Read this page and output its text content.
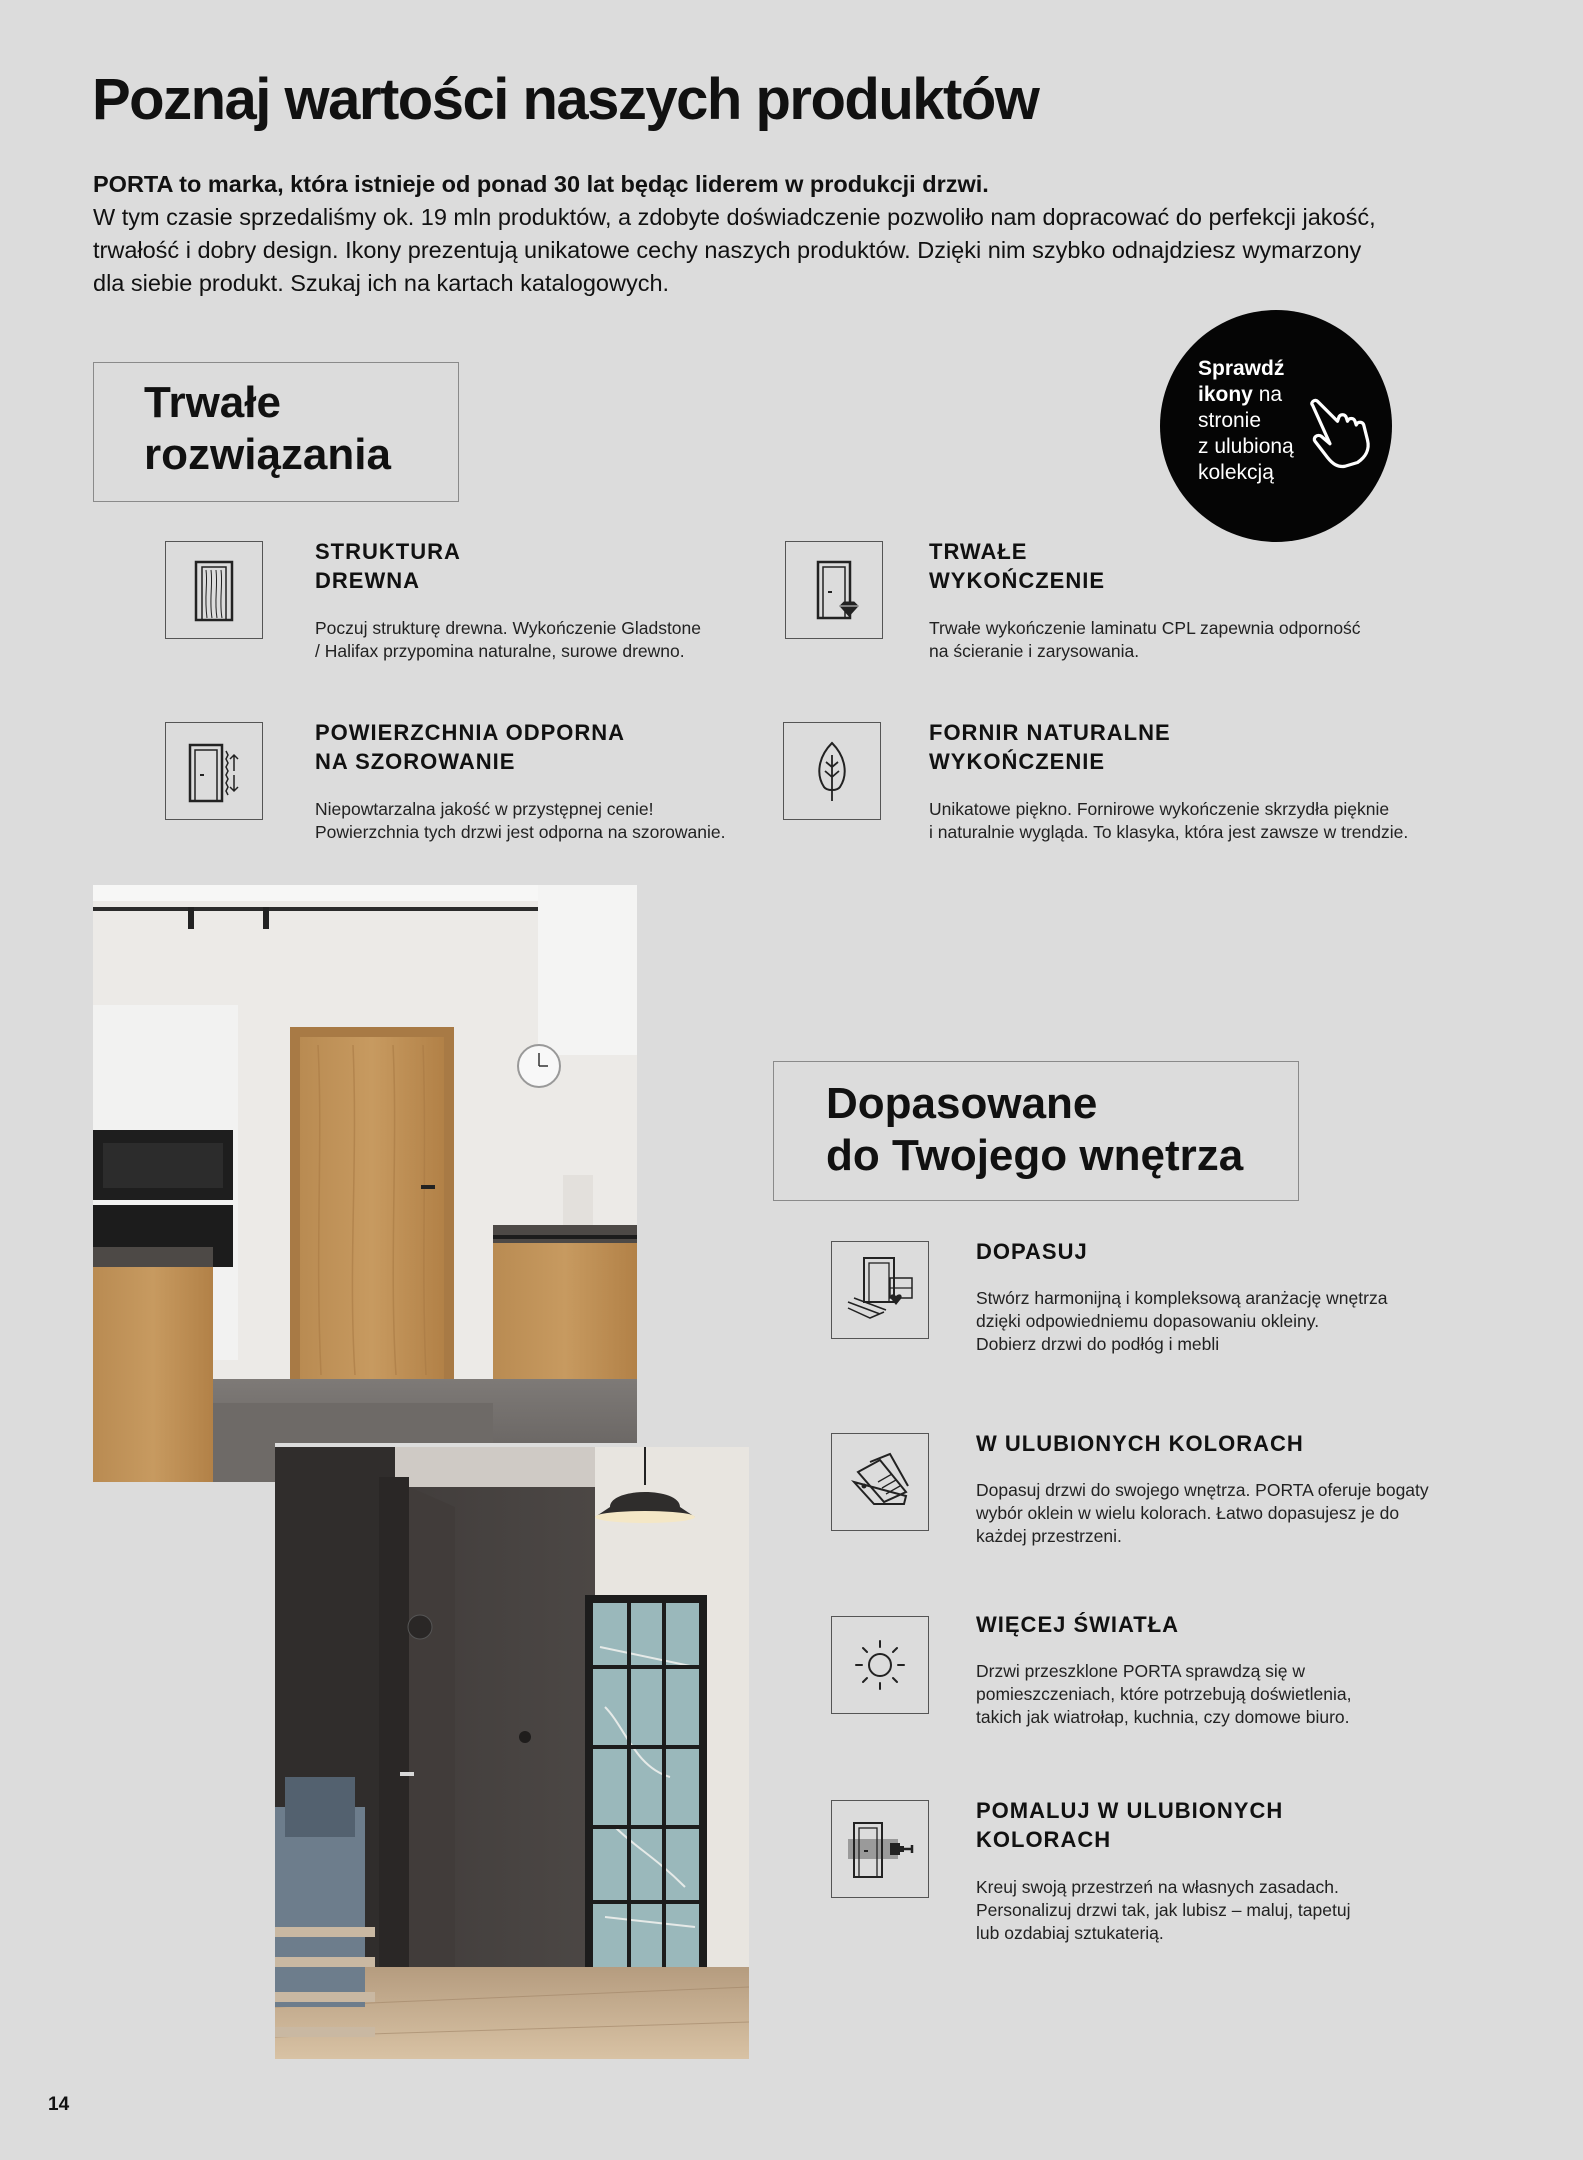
Poznaj wartości naszych produktów
PORTA to marka, która istnieje od ponad 30 lat będąc liderem w produkcji drzwi.
W tym czasie sprzedaliśmy ok. 19 mln produktów, a zdobyte doświadczenie pozwoliło nam dopracować do perfekcji jakość,
trwałość i dobry design. Ikony prezentują unikatowe cechy naszych produktów. Dzięki nim szybko odnajdziesz wymarzony
dla siebie produkt. Szukaj ich na kartach katalogowych.
Trwałe
rozwiązania
Sprawdź
ikony na
stronie
z ulubioną
kolekcją
STRUKTURA
DREWNA
Poczuj strukturę drewna. Wykończenie Gladstone
/ Halifax przypomina naturalne, surowe drewno.
TRWAŁE
WYKOŃCZENIE
Trwałe wykończenie laminatu CPL zapewnia odporność
na ścieranie i zarysowania.
POWIERZCHNIA ODPORNA
NA SZOROWANIE
Niepowtarzalna jakość w przystępnej cenie!
Powierzchnia tych drzwi jest odporna na szorowanie.
FORNIR NATURALNE
WYKOŃCZENIE
Unikatowe piękno. Fornirowe wykończenie skrzydła pięknie
i naturalnie wygląda. To klasyka, która jest zawsze w trendzie.
Dopasowane
do Twojego wnętrza
DOPASUJ
Stwórz harmonijną i kompleksową aranżację wnętrza
dzięki odpowiedniemu dopasowaniu okleiny.
Dobierz drzwi do podłóg i mebli
W ULUBIONYCH KOLORACH
Dopasuj drzwi do swojego wnętrza. PORTA oferuje bogaty
wybór oklein w wielu kolorach. Łatwo dopasujesz je do
każdej przestrzeni.
WIĘCEJ ŚWIATŁA
Drzwi przeszklone PORTA sprawdzą się w
pomieszczeniach, które potrzebują doświetlenia,
takich jak wiatrołap, kuchnia, czy domowe biuro.
POMALUJ W ULUBIONYCH
KOLORACH
Kreuj swoją przestrzeń na własnych zasadach.
Personalizuj drzwi tak, jak lubisz – maluj, tapetuj
lub ozdabiaj sztukaterią.
14
